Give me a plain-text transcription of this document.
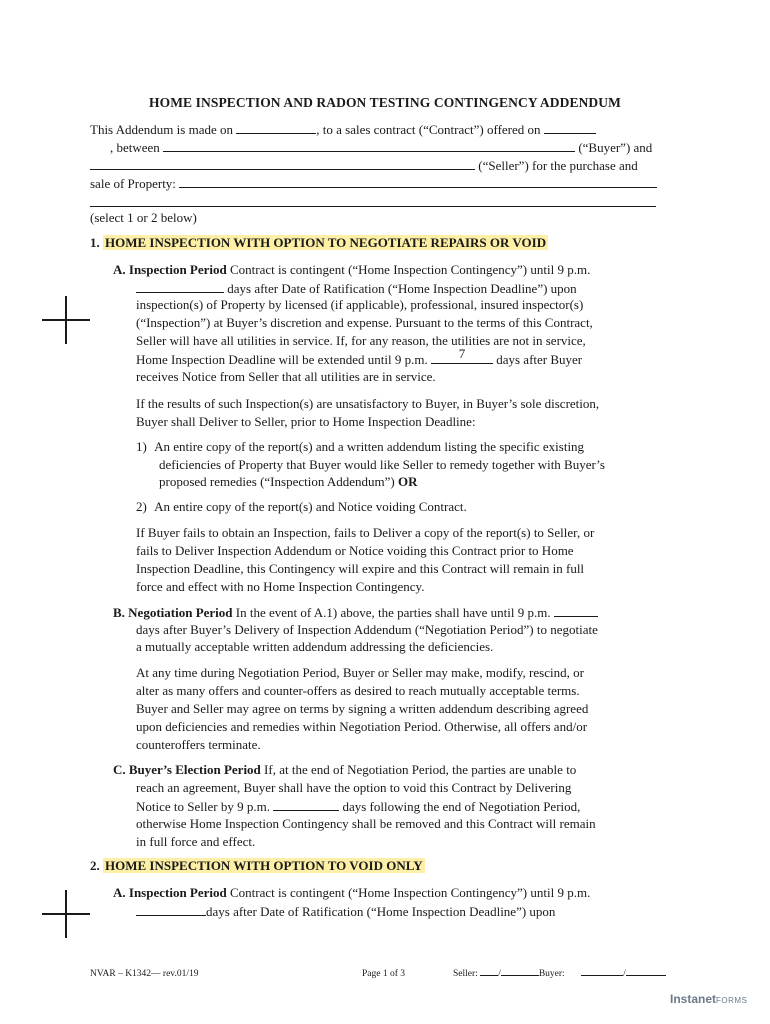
HOME INSPECTION AND RADON TESTING CONTINGENCY ADDENDUM
This Addendum is made on	, to a sales contract (“Contract”) offered on
, between	(“Buyer”) and
(“Seller”) for the purchase and
sale of Property:
(select 1 or 2 below)
1. HOME INSPECTION WITH OPTION TO NEGOTIATE REPAIRS OR VOID
A. Inspection Period Contract is contingent (“Home Inspection Contingency”) until 9 p.m.
days after Date of Ratification (“Home Inspection Deadline”) upon
inspection(s) of Property by licensed (if applicable), professional, insured inspector(s)
(“Inspection”) at Buyer’s discretion and expense. Pursuant to the terms of this Contract,
Seller will have all utilities in service. If, for any reason, the utilities are not in service,
Home Inspection Deadline will be extended until 9 p.m.	7	days after Buyer
receives Notice from Seller that all utilities are in service.
If the results of such Inspection(s) are unsatisfactory to Buyer, in Buyer’s sole discretion,
Buyer shall Deliver to Seller, prior to Home Inspection Deadline:
1) An entire copy of the report(s) and a written addendum listing the specific existing
deficiencies of Property that Buyer would like Seller to remedy together with Buyer’s
proposed remedies (“Inspection Addendum”) OR
2) An entire copy of the report(s) and Notice voiding Contract.
If Buyer fails to obtain an Inspection, fails to Deliver a copy of the report(s) to Seller, or
fails to Deliver Inspection Addendum or Notice voiding this Contract prior to Home
Inspection Deadline, this Contingency will expire and this Contract will remain in full
force and effect with no Home Inspection Contingency.
B. Negotiation Period In the event of A.1) above, the parties shall have until 9 p.m.
days after Buyer’s Delivery of Inspection Addendum (“Negotiation Period”) to negotiate
a mutually acceptable written addendum addressing the deficiencies.
At any time during Negotiation Period, Buyer or Seller may make, modify, rescind, or
alter as many offers and counter-offers as desired to reach mutually acceptable terms.
Buyer and Seller may agree on terms by signing a written addendum describing agreed
upon deficiencies and remedies within Negotiation Period. Otherwise, all offers and/or
counteroffers terminate.
C. Buyer’s Election Period If, at the end of Negotiation Period, the parties are unable to
reach an agreement, Buyer shall have the option to void this Contract by Delivering
Notice to Seller by 9 p.m.	days following the end of Negotiation Period,
otherwise Home Inspection Contingency shall be removed and this Contract will remain
in full force and effect.
2. HOME INSPECTION WITH OPTION TO VOID ONLY
A. Inspection Period Contract is contingent (“Home Inspection Contingency”) until 9 p.m.
days after Date of Ratification (“Home Inspection Deadline”) upon
NVAR – K1342— rev.01/19	Page 1 of 3	Seller: /	Buyer:	/
InstanetFORMS
